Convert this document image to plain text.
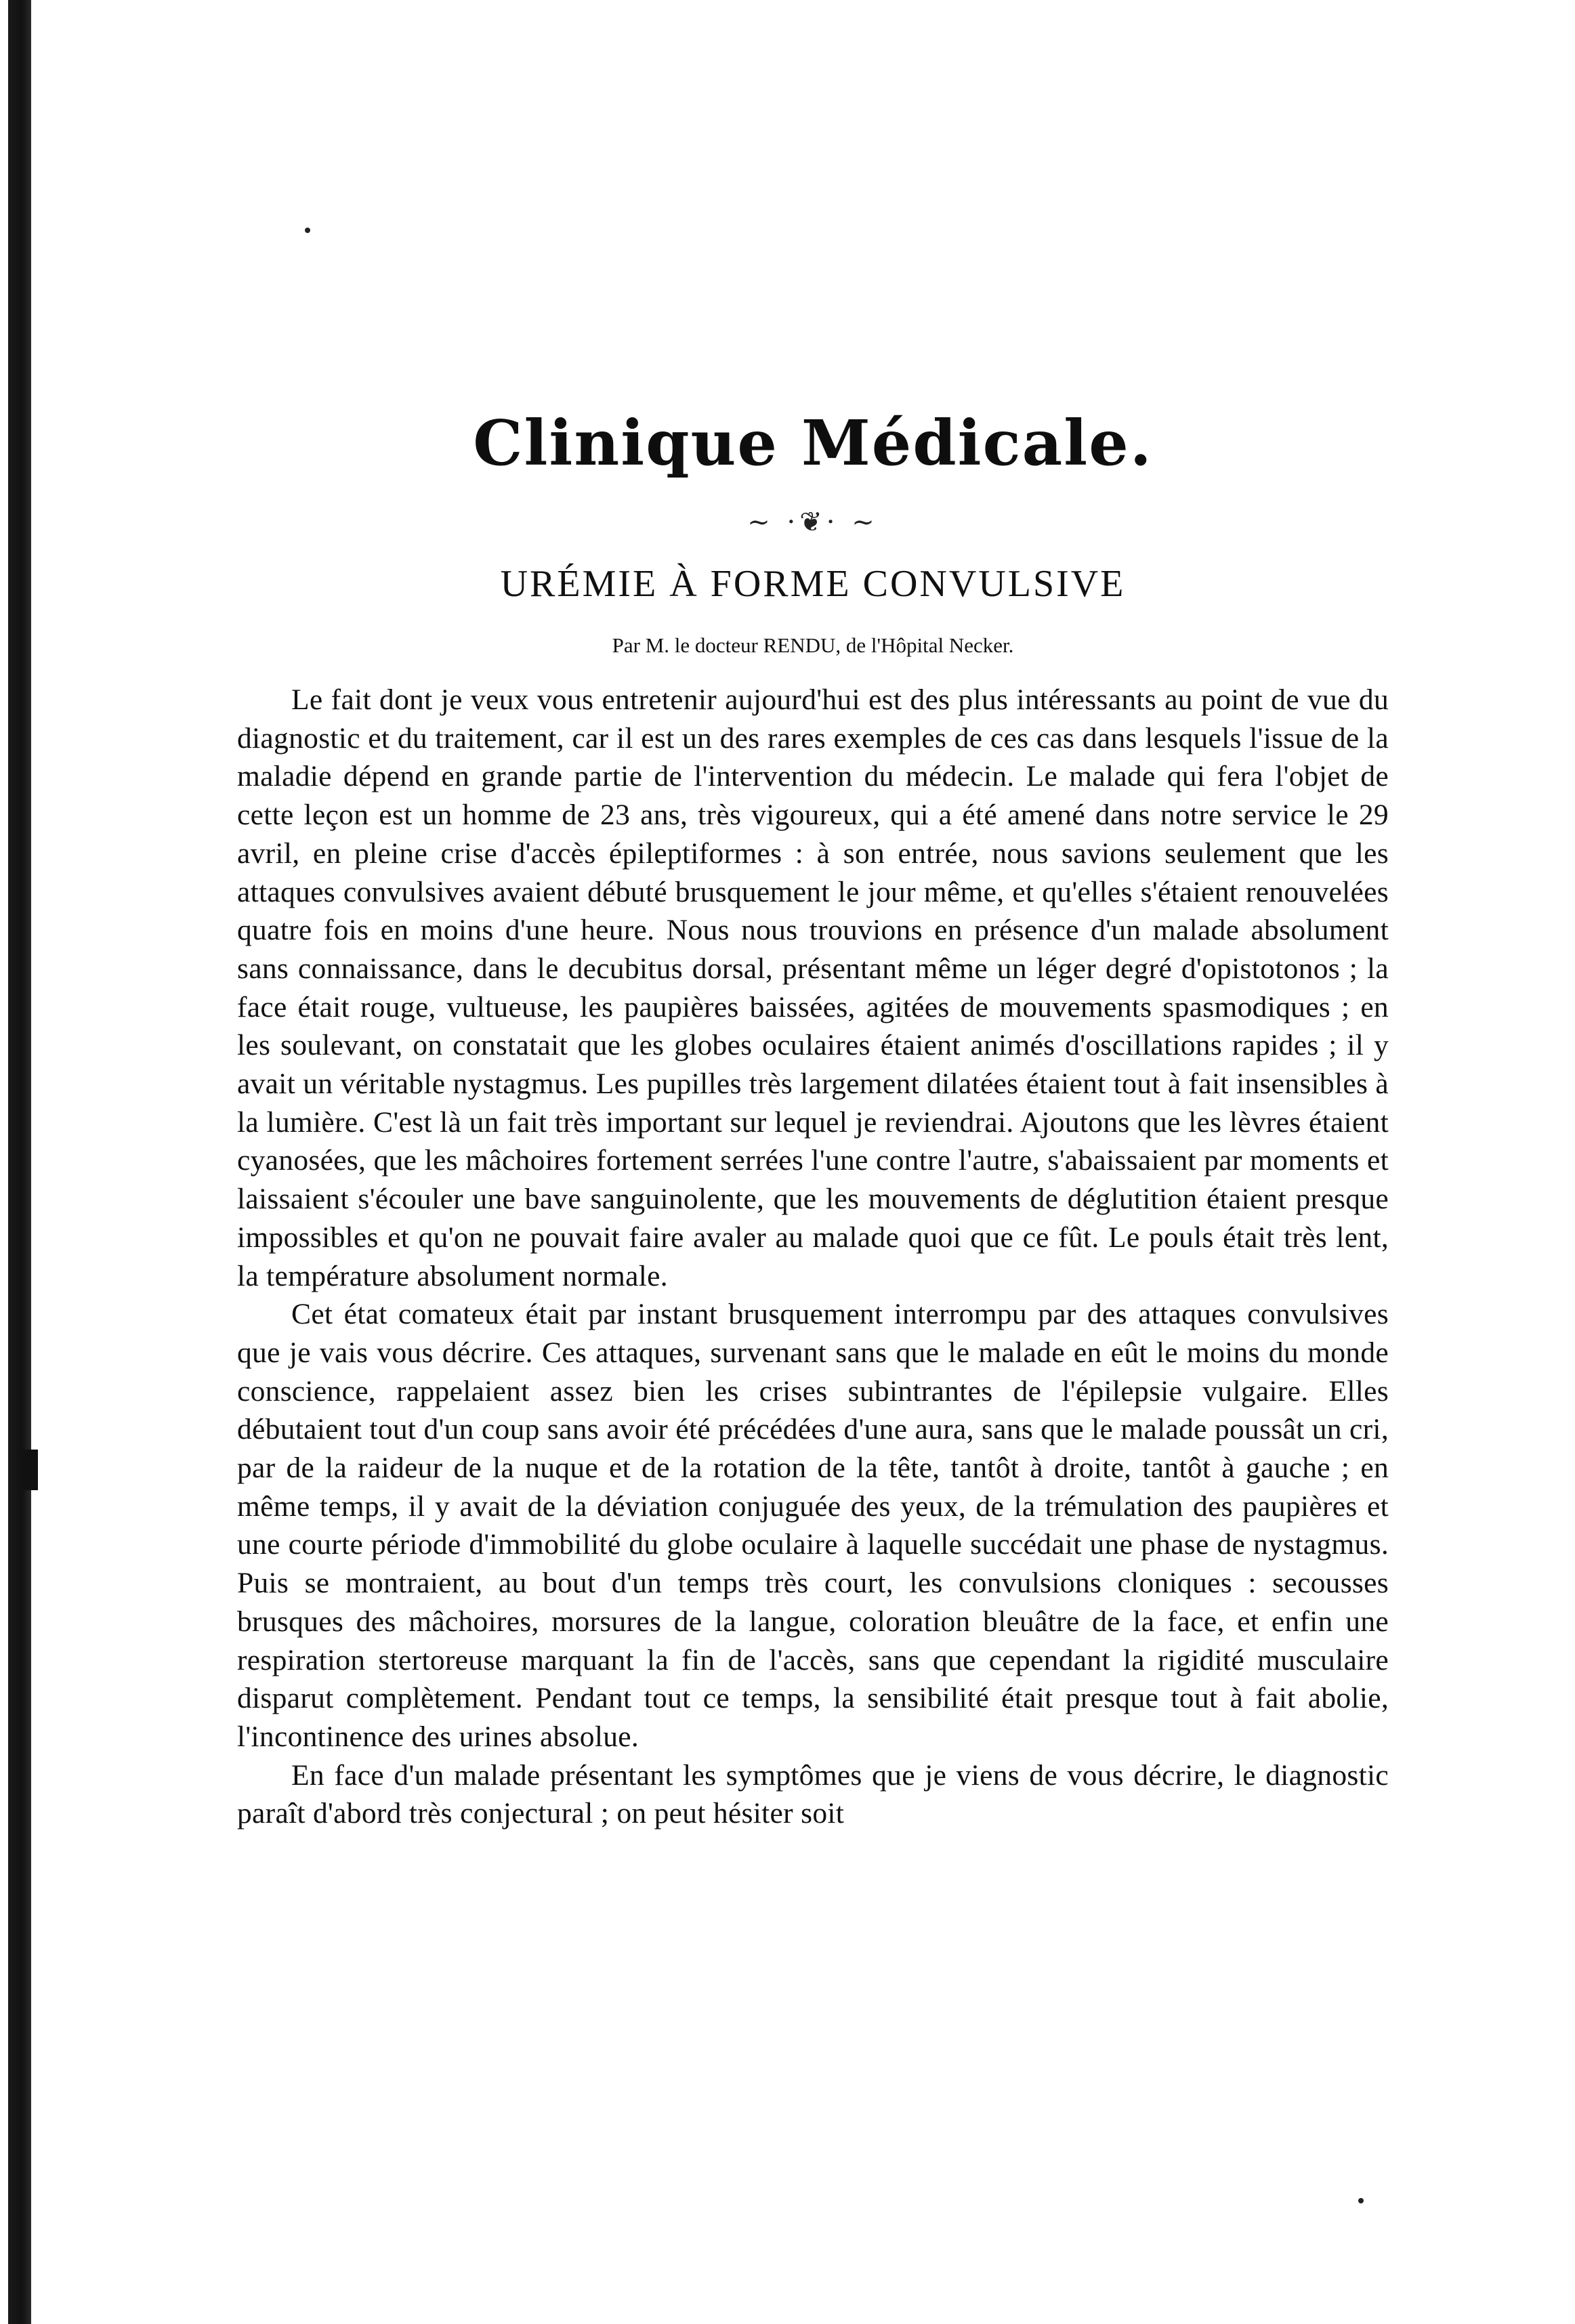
Clinique Médicale.
~ ·❦· ~
URÉMIE À FORME CONVULSIVE
Par M. le docteur RENDU, de l'Hôpital Necker.

Le fait dont je veux vous entretenir aujourd'hui est des plus intéressants au point de vue du diagnostic et du traitement, car il est un des rares exemples de ces cas dans lesquels l'issue de la maladie dépend en grande partie de l'intervention du médecin. Le malade qui fera l'objet de cette leçon est un homme de 23 ans, très vigoureux, qui a été amené dans notre service le 29 avril, en pleine crise d'accès épileptiformes : à son entrée, nous savions seulement que les attaques convulsives avaient débuté brusquement le jour même, et qu'elles s'étaient renouvelées quatre fois en moins d'une heure. Nous nous trouvions en présence d'un malade absolument sans connaissance, dans le decubitus dorsal, présentant même un léger degré d'opistotonos ; la face était rouge, vultueuse, les paupières baissées, agitées de mouvements spasmodiques ; en les soulevant, on constatait que les globes oculaires étaient animés d'oscillations rapides ; il y avait un véritable nystagmus. Les pupilles très largement dilatées étaient tout à fait insensibles à la lumière. C'est là un fait très important sur lequel je reviendrai. Ajoutons que les lèvres étaient cyanosées, que les mâchoires fortement serrées l'une contre l'autre, s'abaissaient par moments et laissaient s'écouler une bave sanguinolente, que les mouvements de déglutition étaient presque impossibles et qu'on ne pouvait faire avaler au malade quoi que ce fût. Le pouls était très lent, la température absolument normale.

Cet état comateux était par instant brusquement interrompu par des attaques convulsives que je vais vous décrire. Ces attaques, survenant sans que le malade en eût le moins du monde conscience, rappelaient assez bien les crises subintrantes de l'épilepsie vulgaire. Elles débutaient tout d'un coup sans avoir été précédées d'une aura, sans que le malade poussât un cri, par de la raideur de la nuque et de la rotation de la tête, tantôt à droite, tantôt à gauche ; en même temps, il y avait de la déviation conjuguée des yeux, de la trémulation des paupières et une courte période d'immobilité du globe oculaire à laquelle succédait une phase de nystagmus. Puis se montraient, au bout d'un temps très court, les convulsions cloniques : secousses brusques des mâchoires, morsures de la langue, coloration bleuâtre de la face, et enfin une respiration stertoreuse marquant la fin de l'accès, sans que cependant la rigidité musculaire disparut complètement. Pendant tout ce temps, la sensibilité était presque tout à fait abolie, l'incontinence des urines absolue.

En face d'un malade présentant les symptômes que je viens de vous décrire, le diagnostic paraît d'abord très conjectural ; on peut hésiter soit
